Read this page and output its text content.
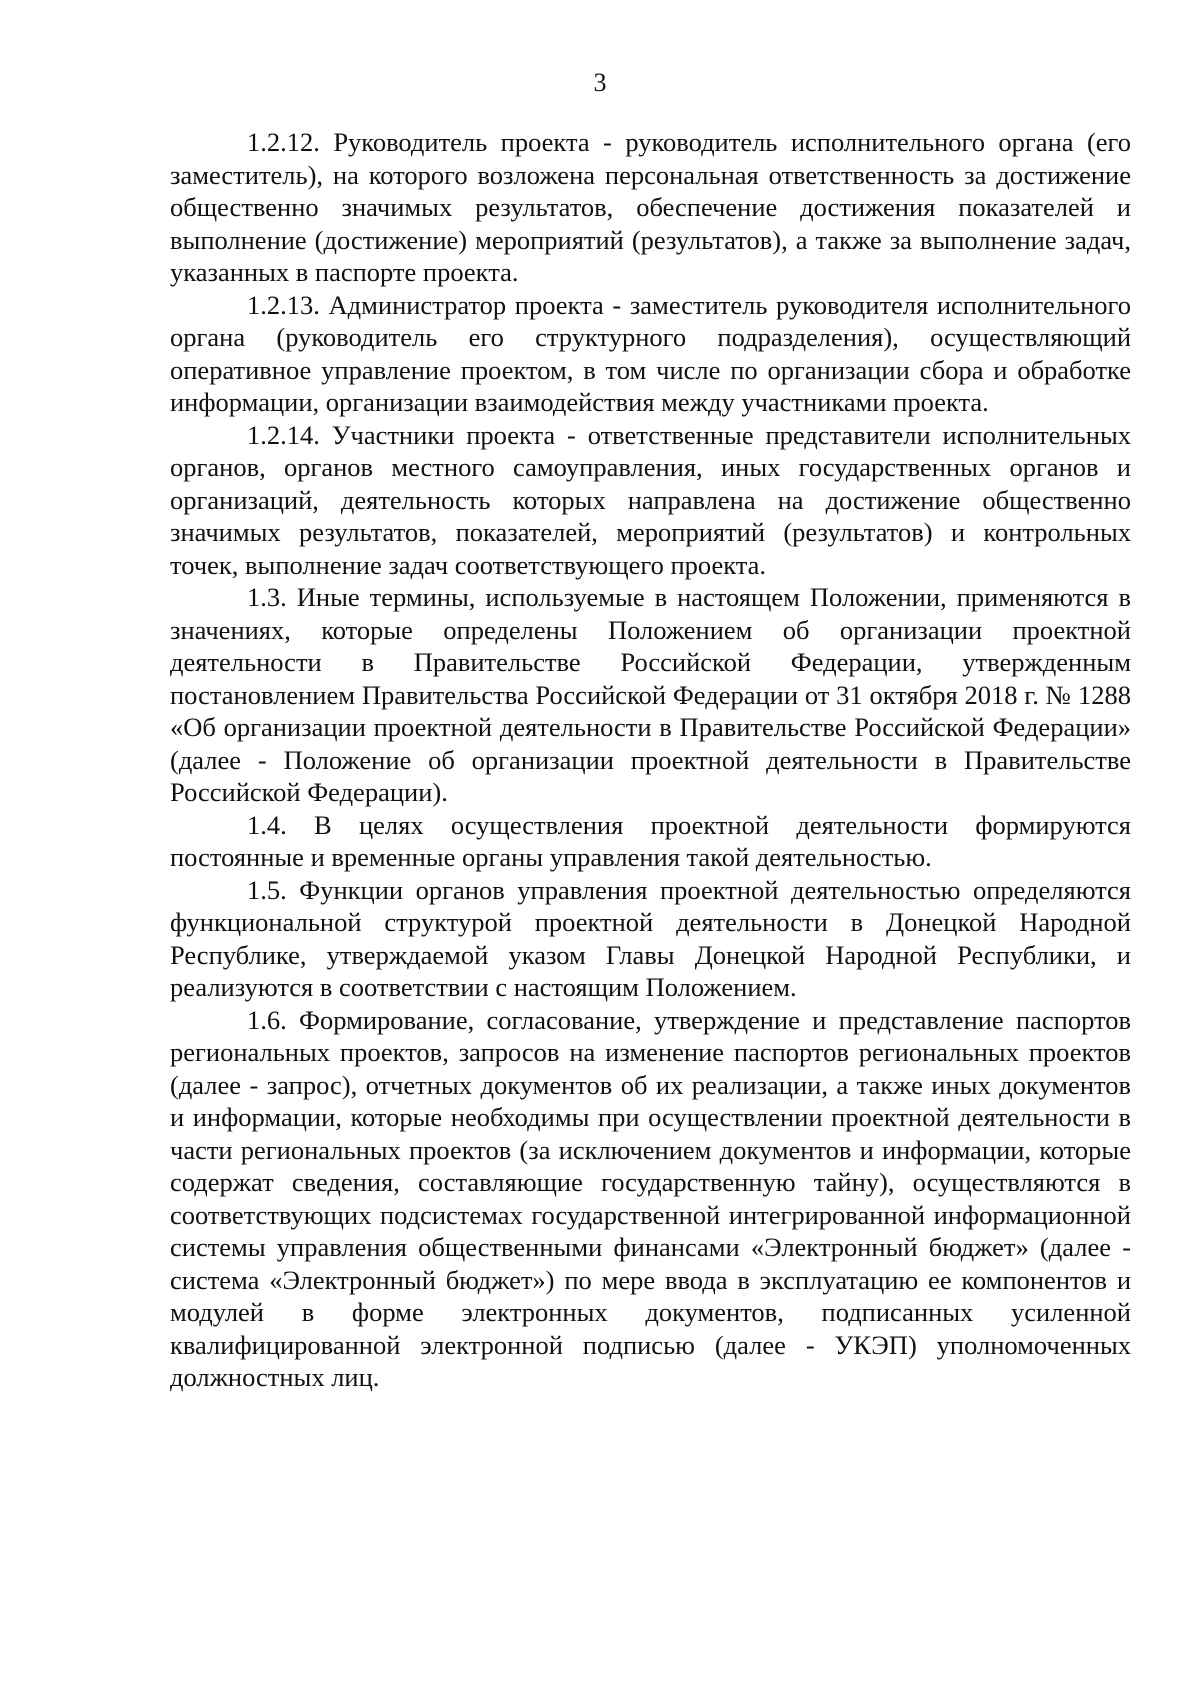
3

1.2.12. Руководитель проекта - руководитель исполнительного органа (его заместитель), на которого возложена персональная ответственность за достижение общественно значимых результатов, обеспечение достижения показателей и выполнение (достижение) мероприятий (результатов), а также за выполнение задач, указанных в паспорте проекта.

1.2.13. Администратор проекта - заместитель руководителя исполнительного органа (руководитель его структурного подразделения), осуществляющий оперативное управление проектом, в том числе по организации сбора и обработке информации, организации взаимодействия между участниками проекта.

1.2.14. Участники проекта - ответственные представители исполнительных органов, органов местного самоуправления, иных государственных органов и организаций, деятельность которых направлена на достижение общественно значимых результатов, показателей, мероприятий (результатов) и контрольных точек, выполнение задач соответствующего проекта.

1.3. Иные термины, используемые в настоящем Положении, применяются в значениях, которые определены Положением об организации проектной деятельности в Правительстве Российской Федерации, утвержденным постановлением Правительства Российской Федерации от 31 октября 2018 г. № 1288 «Об организации проектной деятельности в Правительстве Российской Федерации» (далее - Положение об организации проектной деятельности в Правительстве Российской Федерации).

1.4. В целях осуществления проектной деятельности формируются постоянные и временные органы управления такой деятельностью.

1.5. Функции органов управления проектной деятельностью определяются функциональной структурой проектной деятельности в Донецкой Народной Республике, утверждаемой указом Главы Донецкой Народной Республики, и реализуются в соответствии с настоящим Положением.

1.6. Формирование, согласование, утверждение и представление паспортов региональных проектов, запросов на изменение паспортов региональных проектов (далее - запрос), отчетных документов об их реализации, а также иных документов и информации, которые необходимы при осуществлении проектной деятельности в части региональных проектов (за исключением документов и информации, которые содержат сведения, составляющие государственную тайну), осуществляются в соответствующих подсистемах государственной интегрированной информационной системы управления общественными финансами «Электронный бюджет» (далее - система «Электронный бюджет») по мере ввода в эксплуатацию ее компонентов и модулей в форме электронных документов, подписанных усиленной квалифицированной электронной подписью (далее - УКЭП) уполномоченных должностных лиц.
